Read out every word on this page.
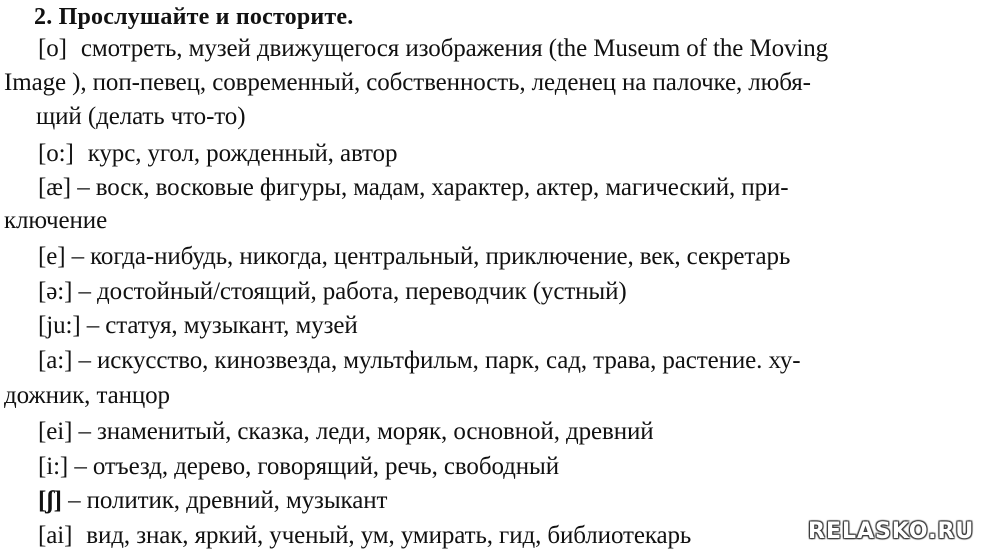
2. Прослушайте и посторите.
[o] смотреть, музей движущегося изображения (the Museum of the Moving
Image ), поп-певец, современный, собственность, леденец на палочке, любя-
щий (делать что-то)
[o:] курс, угол, рожденный, автор
[æ] – воск, восковые фигуры, мадам, характер, актер, магический, при-
ключение
[e] – когда-нибудь, никогда, центральный, приключение, век, секретарь
[ə:] – достойный/стоящий, работа, переводчик (устный)
[ju:] – статуя, музыкант, музей
[a:] – искусство, кинозвезда, мультфильм, парк, сад, трава, растение. ху-
дожник, танцор
[ei] – знаменитый, сказка, леди, моряк, основной, древний
[i:] – отъезд, дерево, говорящий, речь, свободный
[ʃ] – политик, древний, музыкант
[ai] вид, знак, яркий, ученый, ум, умирать, гид, библиотекарь	RELASKO.RU
